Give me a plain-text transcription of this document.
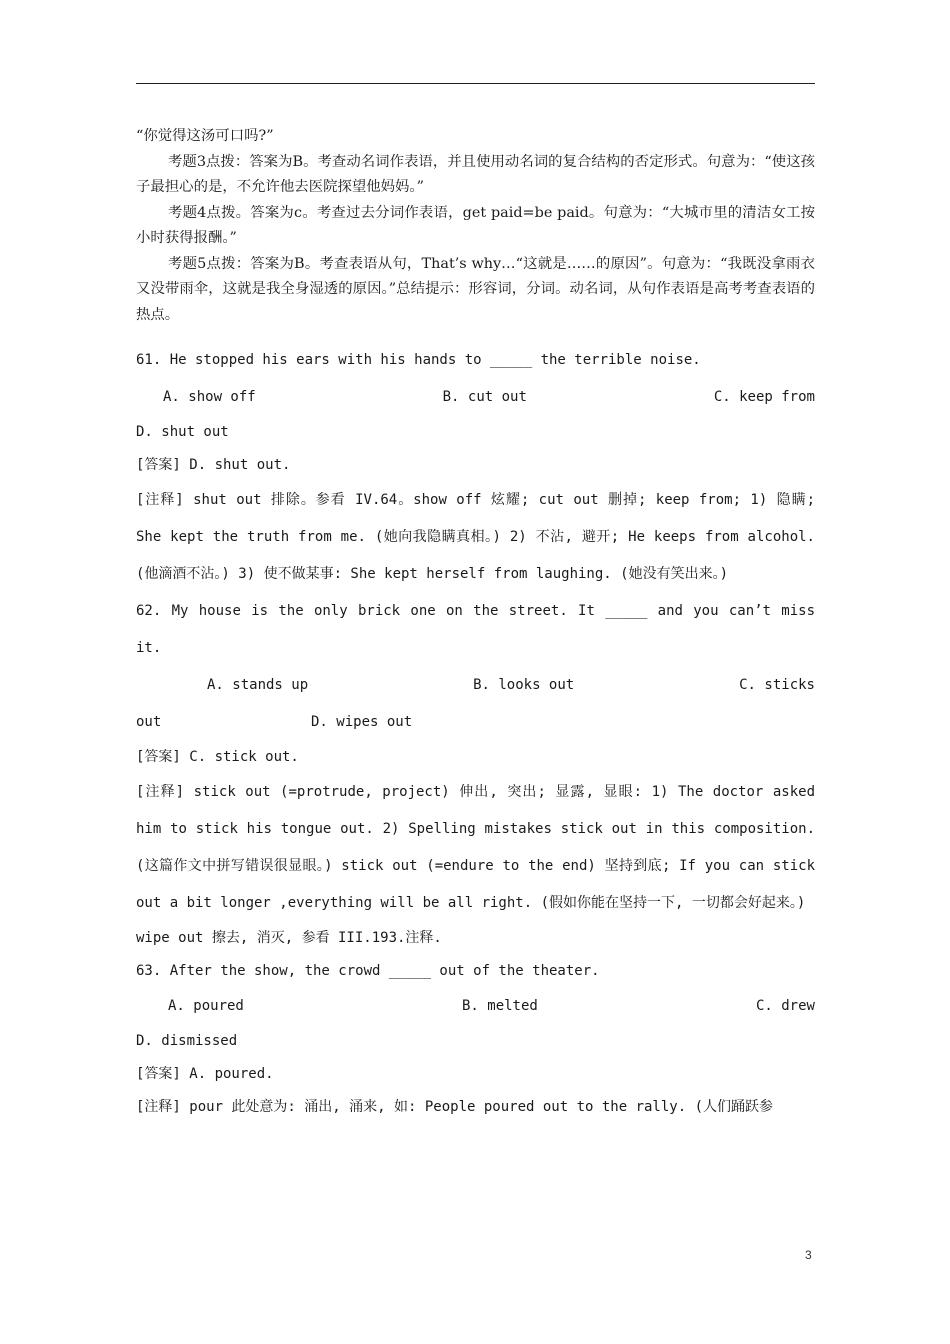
“你觉得这汤可口吗?”
考题3点拨：答案为B。考查动名词作表语，并且使用动名词的复合结构的否定形式。句意为：“使这孩子最担心的是，不允许他去医院探望他妈妈。”
考题4点拨。答案为c。考查过去分词作表语，get paid=be paid。句意为：“大城市里的清洁女工按小时获得报酬。”
考题5点拨：答案为B。考查表语从句，That’s why…“这就是……的原因”。句意为：“我既没拿雨衣又没带雨伞，这就是我全身湿透的原因。”总结提示：形容词，分词。动名词，从句作表语是高考考查表语的热点。
61. He stopped his ears with his hands to _____ the terrible noise.
A. show off	B. cut out	C. keep from
D. shut out
[答案] D. shut out.
[注释] shut out 排除。参看 IV.64。show off 炫耀; cut out 删掉; keep from; 1) 隐瞒; She kept the truth from me. (她向我隐瞒真相。) 2) 不沾, 避开; He keeps from alcohol. (他滴酒不沾。) 3) 使不做某事: She kept herself from laughing. (她没有笑出来。)
62. My house is the only brick one on the street. It _____ and you can’t miss it.
A. stands up	B. looks out	C. sticks
out	D. wipes out
[答案] C. stick out.
[注释] stick out (=protrude, project) 伸出, 突出; 显露, 显眼: 1) The doctor asked him to stick his tongue out. 2) Spelling mistakes stick out in this composition. (这篇作文中拼写错误很显眼。) stick out (=endure to the end) 坚持到底; If you can stick out a bit longer ,everything will be all right. (假如你能在坚持一下, 一切都会好起来。)
wipe out 擦去, 消灭, 参看 III.193.注释.
63. After the show, the crowd _____ out of the theater.
A. poured	B. melted	C. drew
D. dismissed
[答案] A. poured.
[注释] pour 此处意为: 涌出, 涌来, 如: People poured out to the rally. (人们踊跃参
3
